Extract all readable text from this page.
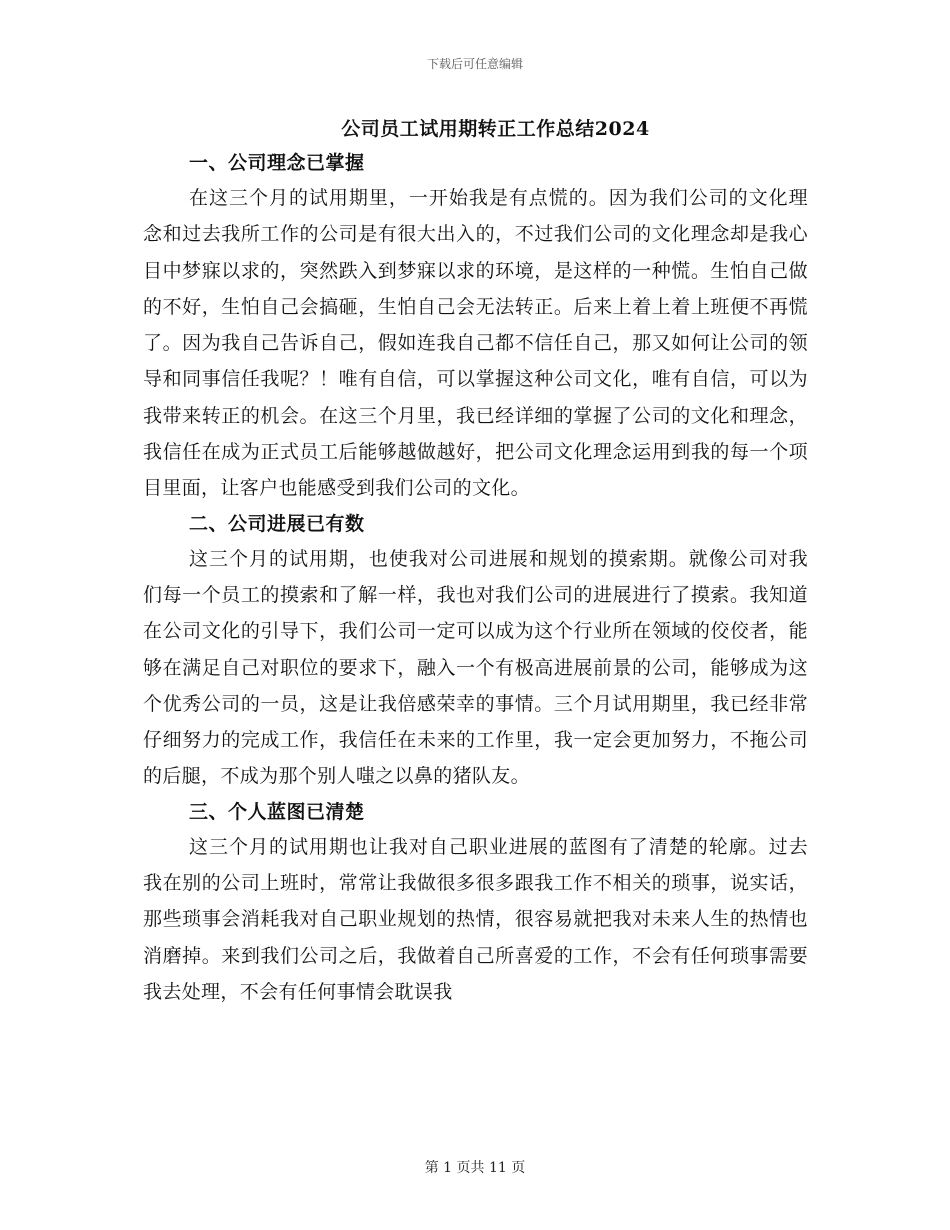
下载后可任意编辑
公司员工试用期转正工作总结2024

一、公司理念已掌握

在这三个月的试用期里，一开始我是有点慌的。因为我们公司的文化理念和过去我所工作的公司是有很大出入的，不过我们公司的文化理念却是我心目中梦寐以求的，突然跌入到梦寐以求的环境，是这样的一种慌。生怕自己做的不好，生怕自己会搞砸，生怕自己会无法转正。后来上着上着上班便不再慌了。因为我自己告诉自己，假如连我自己都不信任自己，那又如何让公司的领导和同事信任我呢？！唯有自信，可以掌握这种公司文化，唯有自信，可以为我带来转正的机会。在这三个月里，我已经详细的掌握了公司的文化和理念，我信任在成为正式员工后能够越做越好，把公司文化理念运用到我的每一个项目里面，让客户也能感受到我们公司的文化。

二、公司进展已有数

这三个月的试用期，也使我对公司进展和规划的摸索期。就像公司对我们每一个员工的摸索和了解一样，我也对我们公司的进展进行了摸索。我知道在公司文化的引导下，我们公司一定可以成为这个行业所在领域的佼佼者，能够在满足自己对职位的要求下，融入一个有极高进展前景的公司，能够成为这个优秀公司的一员，这是让我倍感荣幸的事情。三个月试用期里，我已经非常仔细努力的完成工作，我信任在未来的工作里，我一定会更加努力，不拖公司的后腿，不成为那个别人嗤之以鼻的猪队友。

三、个人蓝图已清楚

这三个月的试用期也让我对自己职业进展的蓝图有了清楚的轮廓。过去我在别的公司上班时，常常让我做很多很多跟我工作不相关的琐事，说实话，那些琐事会消耗我对自己职业规划的热情，很容易就把我对未来人生的热情也消磨掉。来到我们公司之后，我做着自己所喜爱的工作，不会有任何琐事需要我去处理，不会有任何事情会耽误我

第 1 页共 11 页
